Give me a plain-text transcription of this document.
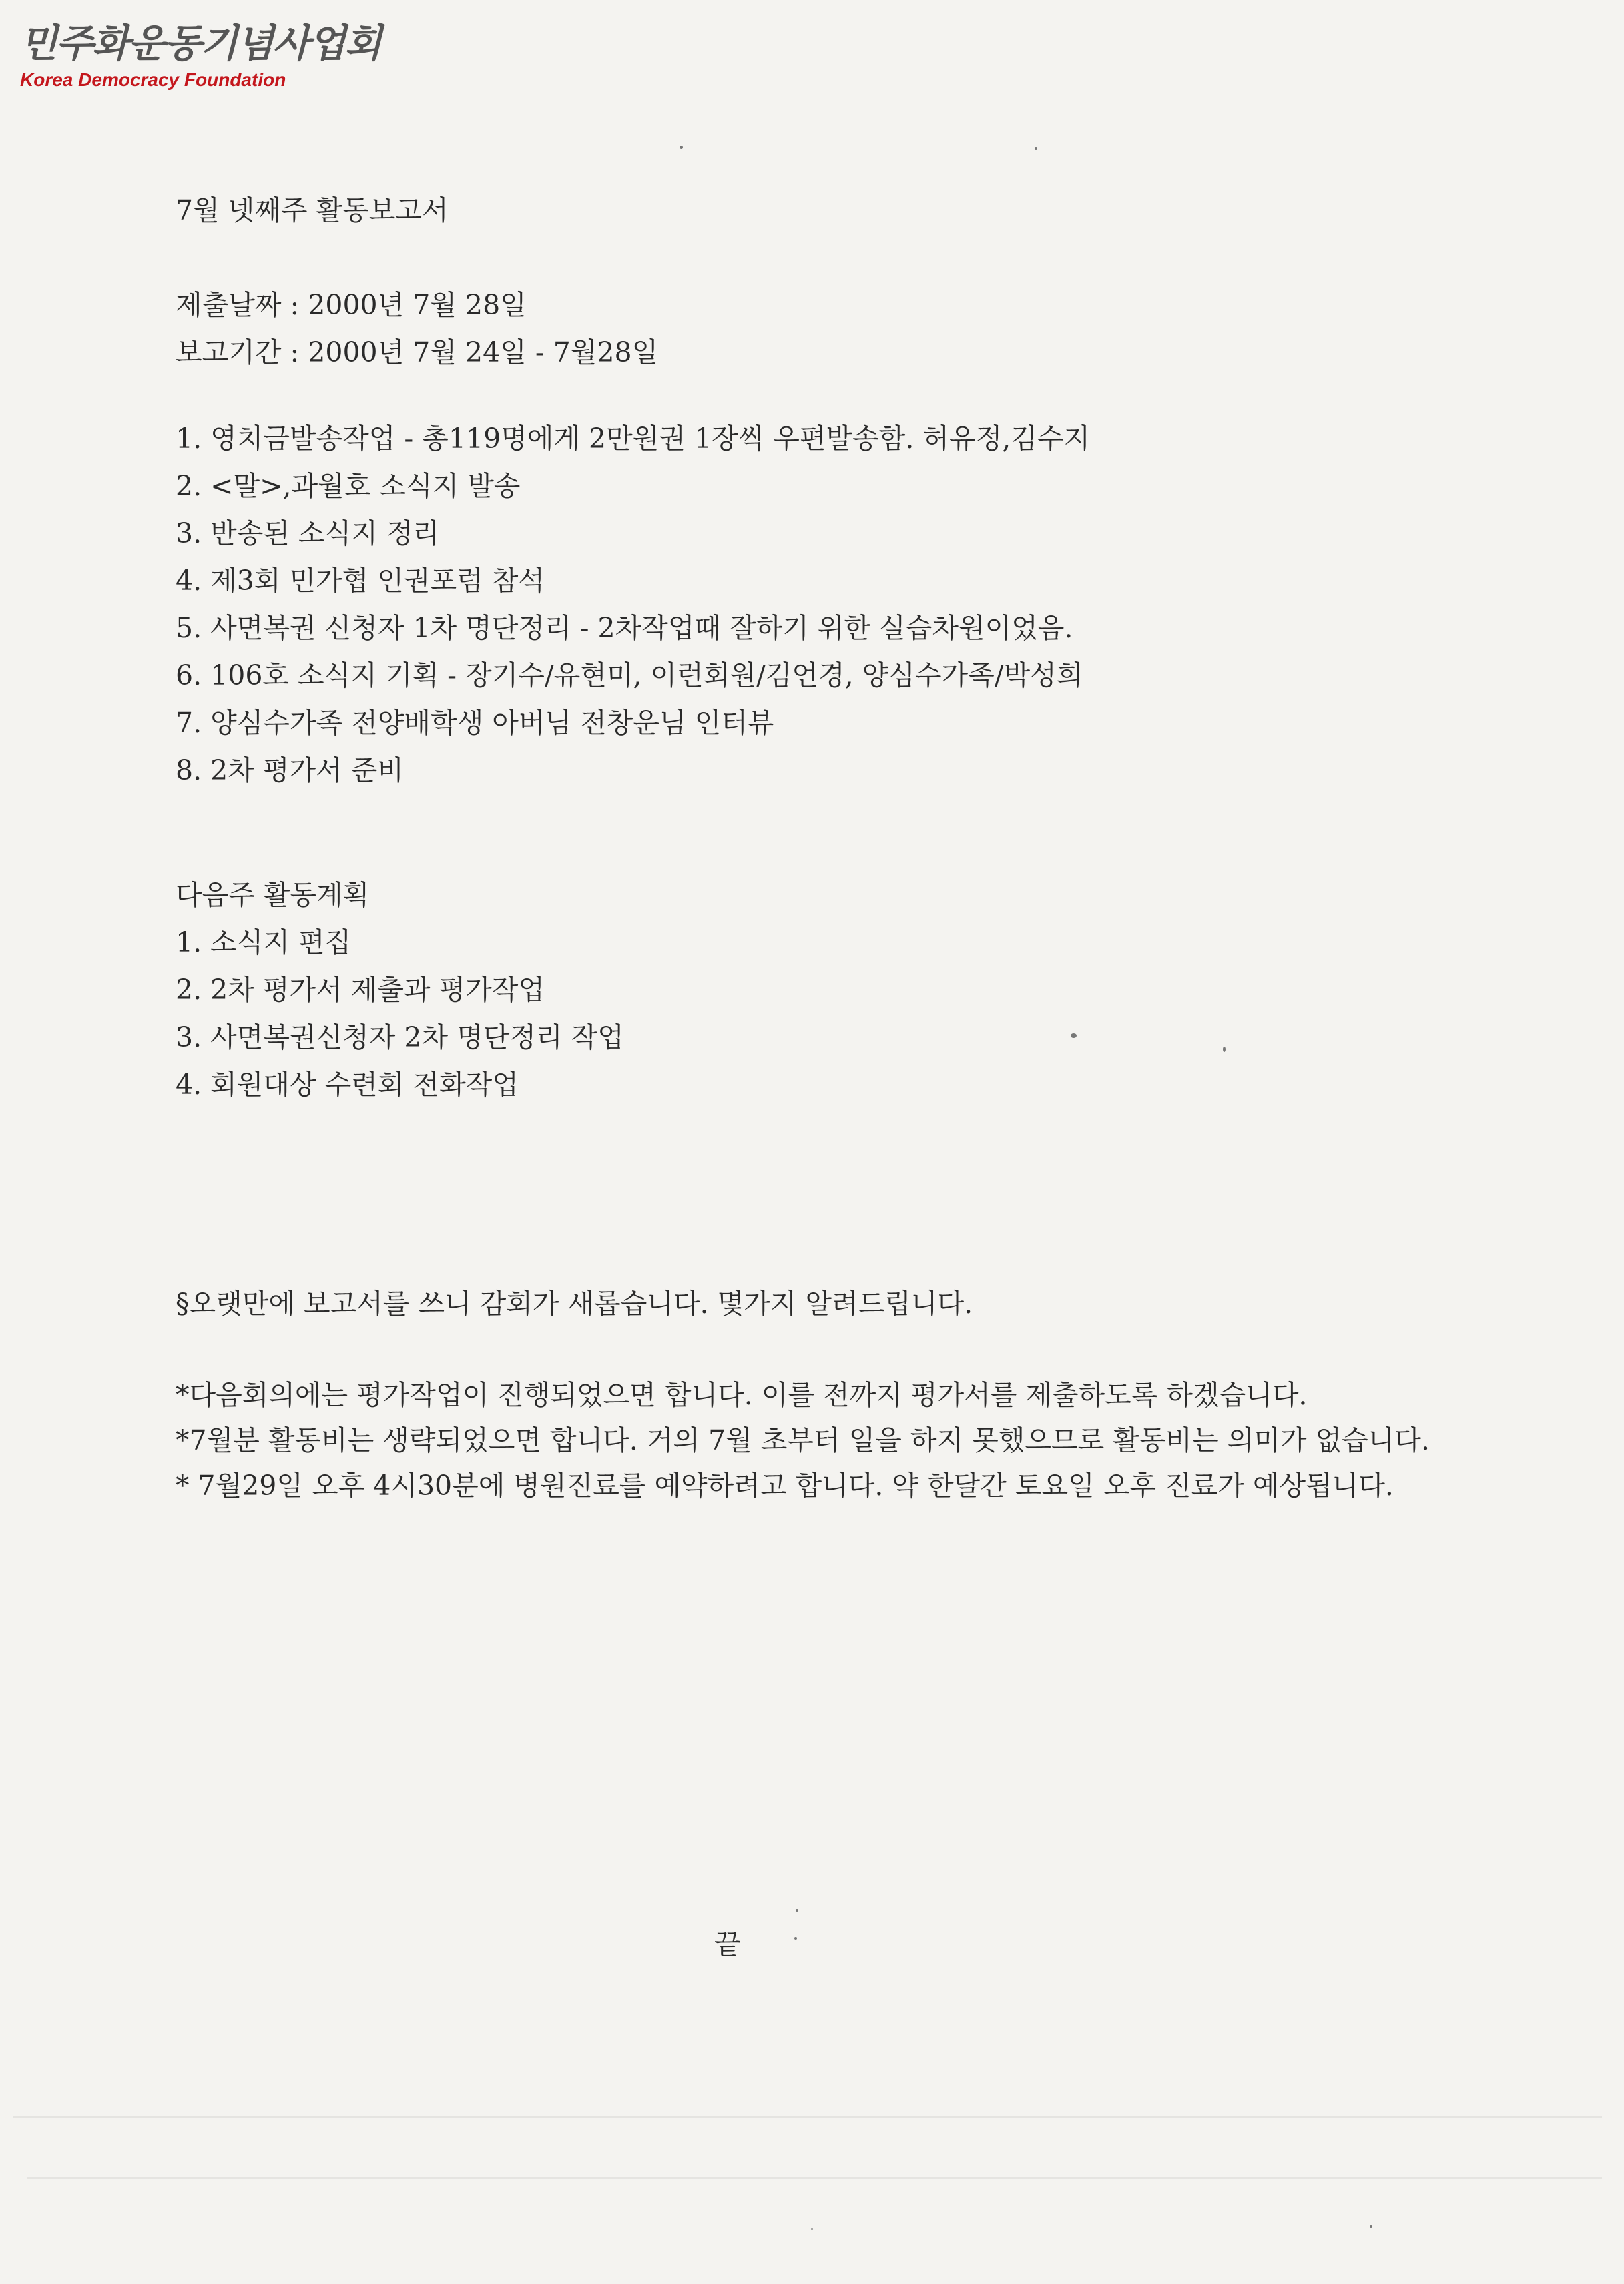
민주화운동기념사업회
Korea Democracy Foundation
7월 넷째주 활동보고서
제출날짜 : 2000년 7월 28일
보고기간 : 2000년 7월 24일 - 7월28일
1. 영치금발송작업 - 총119명에게 2만원권 1장씩 우편발송함. 허유정,김수지
2. <말>,과월호 소식지 발송
3. 반송된 소식지 정리
4. 제3회 민가협 인권포럼 참석
5. 사면복권 신청자 1차 명단정리 - 2차작업때 잘하기 위한 실습차원이었음.
6. 106호 소식지 기획 - 장기수/유현미, 이런회원/김언경, 양심수가족/박성희
7. 양심수가족 전양배학생 아버님 전창운님 인터뷰
8. 2차 평가서 준비
다음주 활동계획
1. 소식지 편집
2. 2차 평가서 제출과 평가작업
3. 사면복권신청자 2차 명단정리 작업
4. 회원대상 수련회 전화작업
§오랫만에 보고서를 쓰니 감회가 새롭습니다. 몇가지 알려드립니다.

*다음회의에는 평가작업이 진행되었으면 합니다. 이를 전까지 평가서를 제출하도록 하겠습니다.

*7월분 활동비는 생략되었으면 합니다. 거의 7월 초부터 일을 하지 못했으므로 활동비는 의미가 없습니다.

* 7월29일 오후 4시30분에 병원진료를 예약하려고 합니다. 약 한달간 토요일 오후 진료가 예상됩니다.

끝
